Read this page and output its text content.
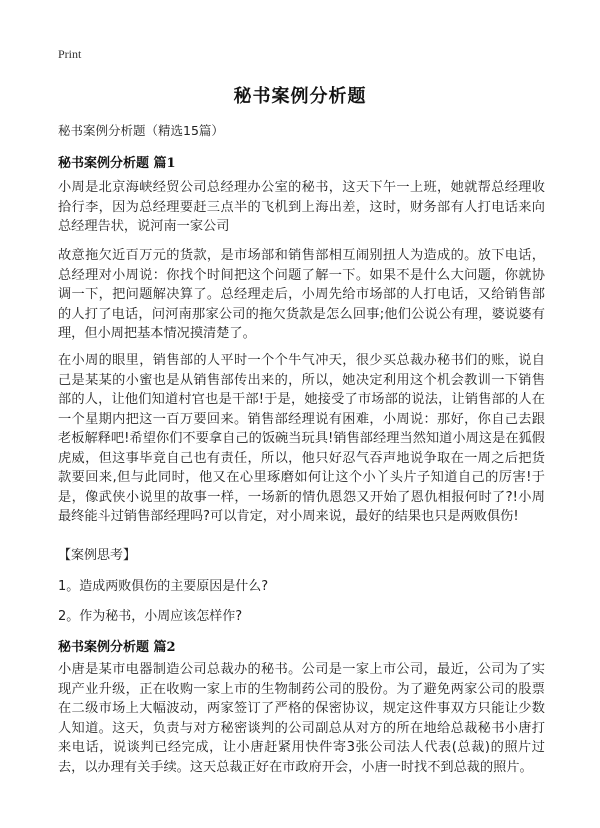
Print
秘书案例分析题
秘书案例分析题（精选15篇）
秘书案例分析题 篇1
小周是北京海峡经贸公司总经理办公室的秘书，这天下午一上班，她就帮总经理收拾行李，因为总经理要赶三点半的飞机到上海出差，这时，财务部有人打电话来向总经理告状，说河南一家公司
故意拖欠近百万元的货款，是市场部和销售部相互闹别扭人为造成的。放下电话，总经理对小周说：你找个时间把这个问题了解一下。如果不是什么大问题，你就协调一下，把问题解决算了。总经理走后，小周先给市场部的人打电话，又给销售部的人打了电话，问河南那家公司的拖欠货款是怎么回事;他们公说公有理，婆说婆有理，但小周把基本情况摸清楚了。
在小周的眼里，销售部的人平时一个个牛气冲天，很少买总裁办秘书们的账，说自己是某某的小蜜也是从销售部传出来的，所以，她决定利用这个机会教训一下销售部的人，让他们知道村官也是干部!于是，她接受了市场部的说法，让销售部的人在一个星期内把这一百万要回来。销售部经理说有困难，小周说：那好，你自己去跟老板解释吧!希望你们不要拿自己的饭碗当玩具!销售部经理当然知道小周这是在狐假虎威，但这事毕竟自己也有责任，所以，他只好忍气吞声地说争取在一周之后把货款要回来,但与此同时，他又在心里琢磨如何让这个小丫头片子知道自己的厉害!于是，像武侠小说里的故事一样，一场新的情仇恩怨又开始了恩仇相报何时了?!小周最终能斗过销售部经理吗?可以肯定，对小周来说，最好的结果也只是两败俱伤!
【案例思考】
1。造成两败俱伤的主要原因是什么?
2。作为秘书，小周应该怎样作?
秘书案例分析题 篇2
小唐是某市电器制造公司总裁办的秘书。公司是一家上市公司，最近，公司为了实现产业升级，正在收购一家上市的生物制药公司的股份。为了避免两家公司的股票在二级市场上大幅波动，两家签订了严格的保密协议，规定这件事双方只能让少数人知道。这天，负责与对方秘密谈判的公司副总从对方的所在地给总裁秘书小唐打来电话，说谈判已经完成，让小唐赶紧用快件寄3张公司法人代表(总裁)的照片过去，以办理有关手续。这天总裁正好在市政府开会，小唐一时找不到总裁的照片。
